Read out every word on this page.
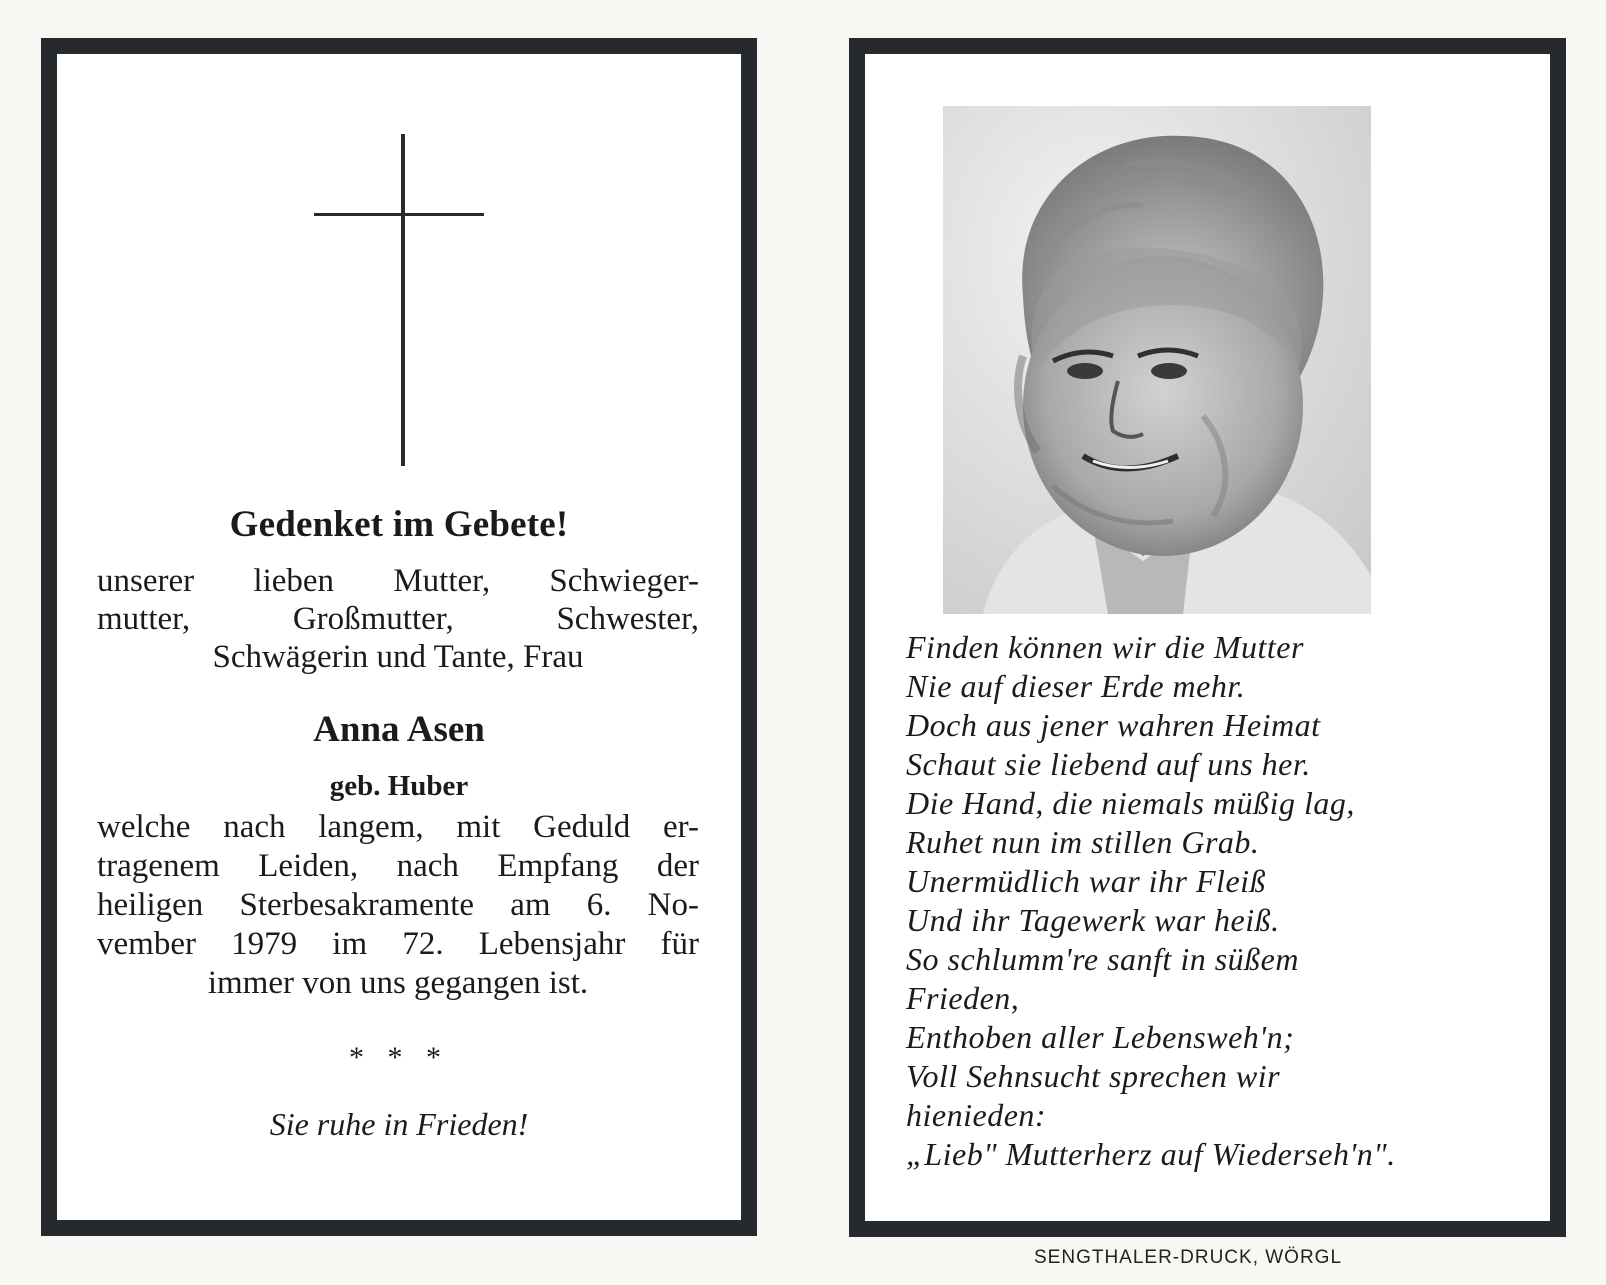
Gedenket im Gebete!
unserer lieben Mutter, Schwieger-
mutter, Großmutter, Schwester,
Schwägerin und Tante, Frau
Anna Asen
geb. Huber
welche nach langem, mit Geduld er-
tragenem Leiden, nach Empfang der
heiligen Sterbesakramente am 6. No-
vember 1979 im 72. Lebensjahr für
immer von uns gegangen ist.
* * *
Sie ruhe in Frieden!
Finden können wir die Mutter
Nie auf dieser Erde mehr.
Doch aus jener wahren Heimat
Schaut sie liebend auf uns her.
Die Hand, die niemals müßig lag,
Ruhet nun im stillen Grab.
Unermüdlich war ihr Fleiß
Und ihr Tagewerk war heiß.
So schlumm're sanft in süßem
Frieden,
Enthoben aller Lebensweh'n;
Voll Sehnsucht sprechen wir
hienieden:
„Lieb" Mutterherz auf Wiederseh'n".
SENGTHALER-DRUCK, WÖRGL
